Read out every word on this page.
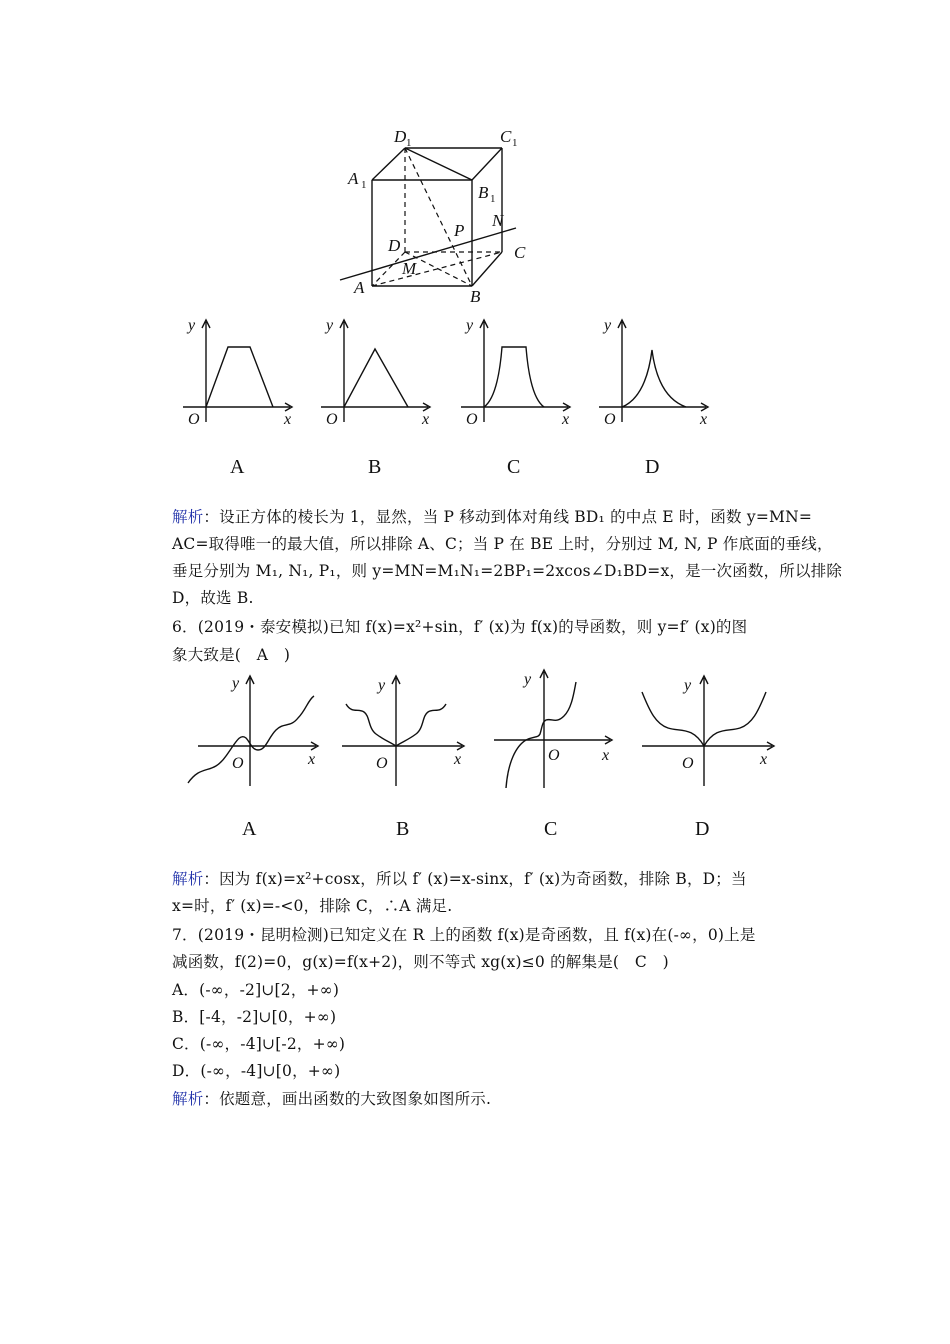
D 1	C 1
A 1	B 1
N
P
D	C
M
A	B
y
O	x
y
O	x
y
O	x
y
O	x
A	B	C	D
解析：设正方体的棱长为 1，显然，当 P 移动到体对角线 BD₁ 的中点 E 时，函数 y=MN=
AC=取得唯一的最大值，所以排除 A、C；当 P 在 BE 上时，分别过 M, N, P 作底面的垂线，
垂足分别为 M₁, N₁, P₁，则 y=MN=M₁N₁=2BP₁=2xcos∠D₁BD=x，是一次函数，所以排除
D，故选 B.
6．(2019・泰安模拟)已知 f(x)=x²+sin，f′ (x)为 f(x)的导函数，则 y=f′ (x)的图
象大致是(　A　)
y
O	x
y
O	x
y
O	x
y
O	x
A	B	C	D
解析：因为 f(x)=x²+cosx，所以 f′ (x)=x-sinx，f′ (x)为奇函数，排除 B，D；当
x=时，f′ (x)=-<0，排除 C，∴A 满足.
7．(2019・昆明检测)已知定义在 R 上的函数 f(x)是奇函数，且 f(x)在(-∞，0)上是
减函数，f(2)=0，g(x)=f(x+2)，则不等式 xg(x)≤0 的解集是(　C　)
A．(-∞，-2]∪[2，+∞)
B．[-4，-2]∪[0，+∞)
C．(-∞，-4]∪[-2，+∞)
D．(-∞，-4]∪[0，+∞)
解析：依题意，画出函数的大致图象如图所示.
